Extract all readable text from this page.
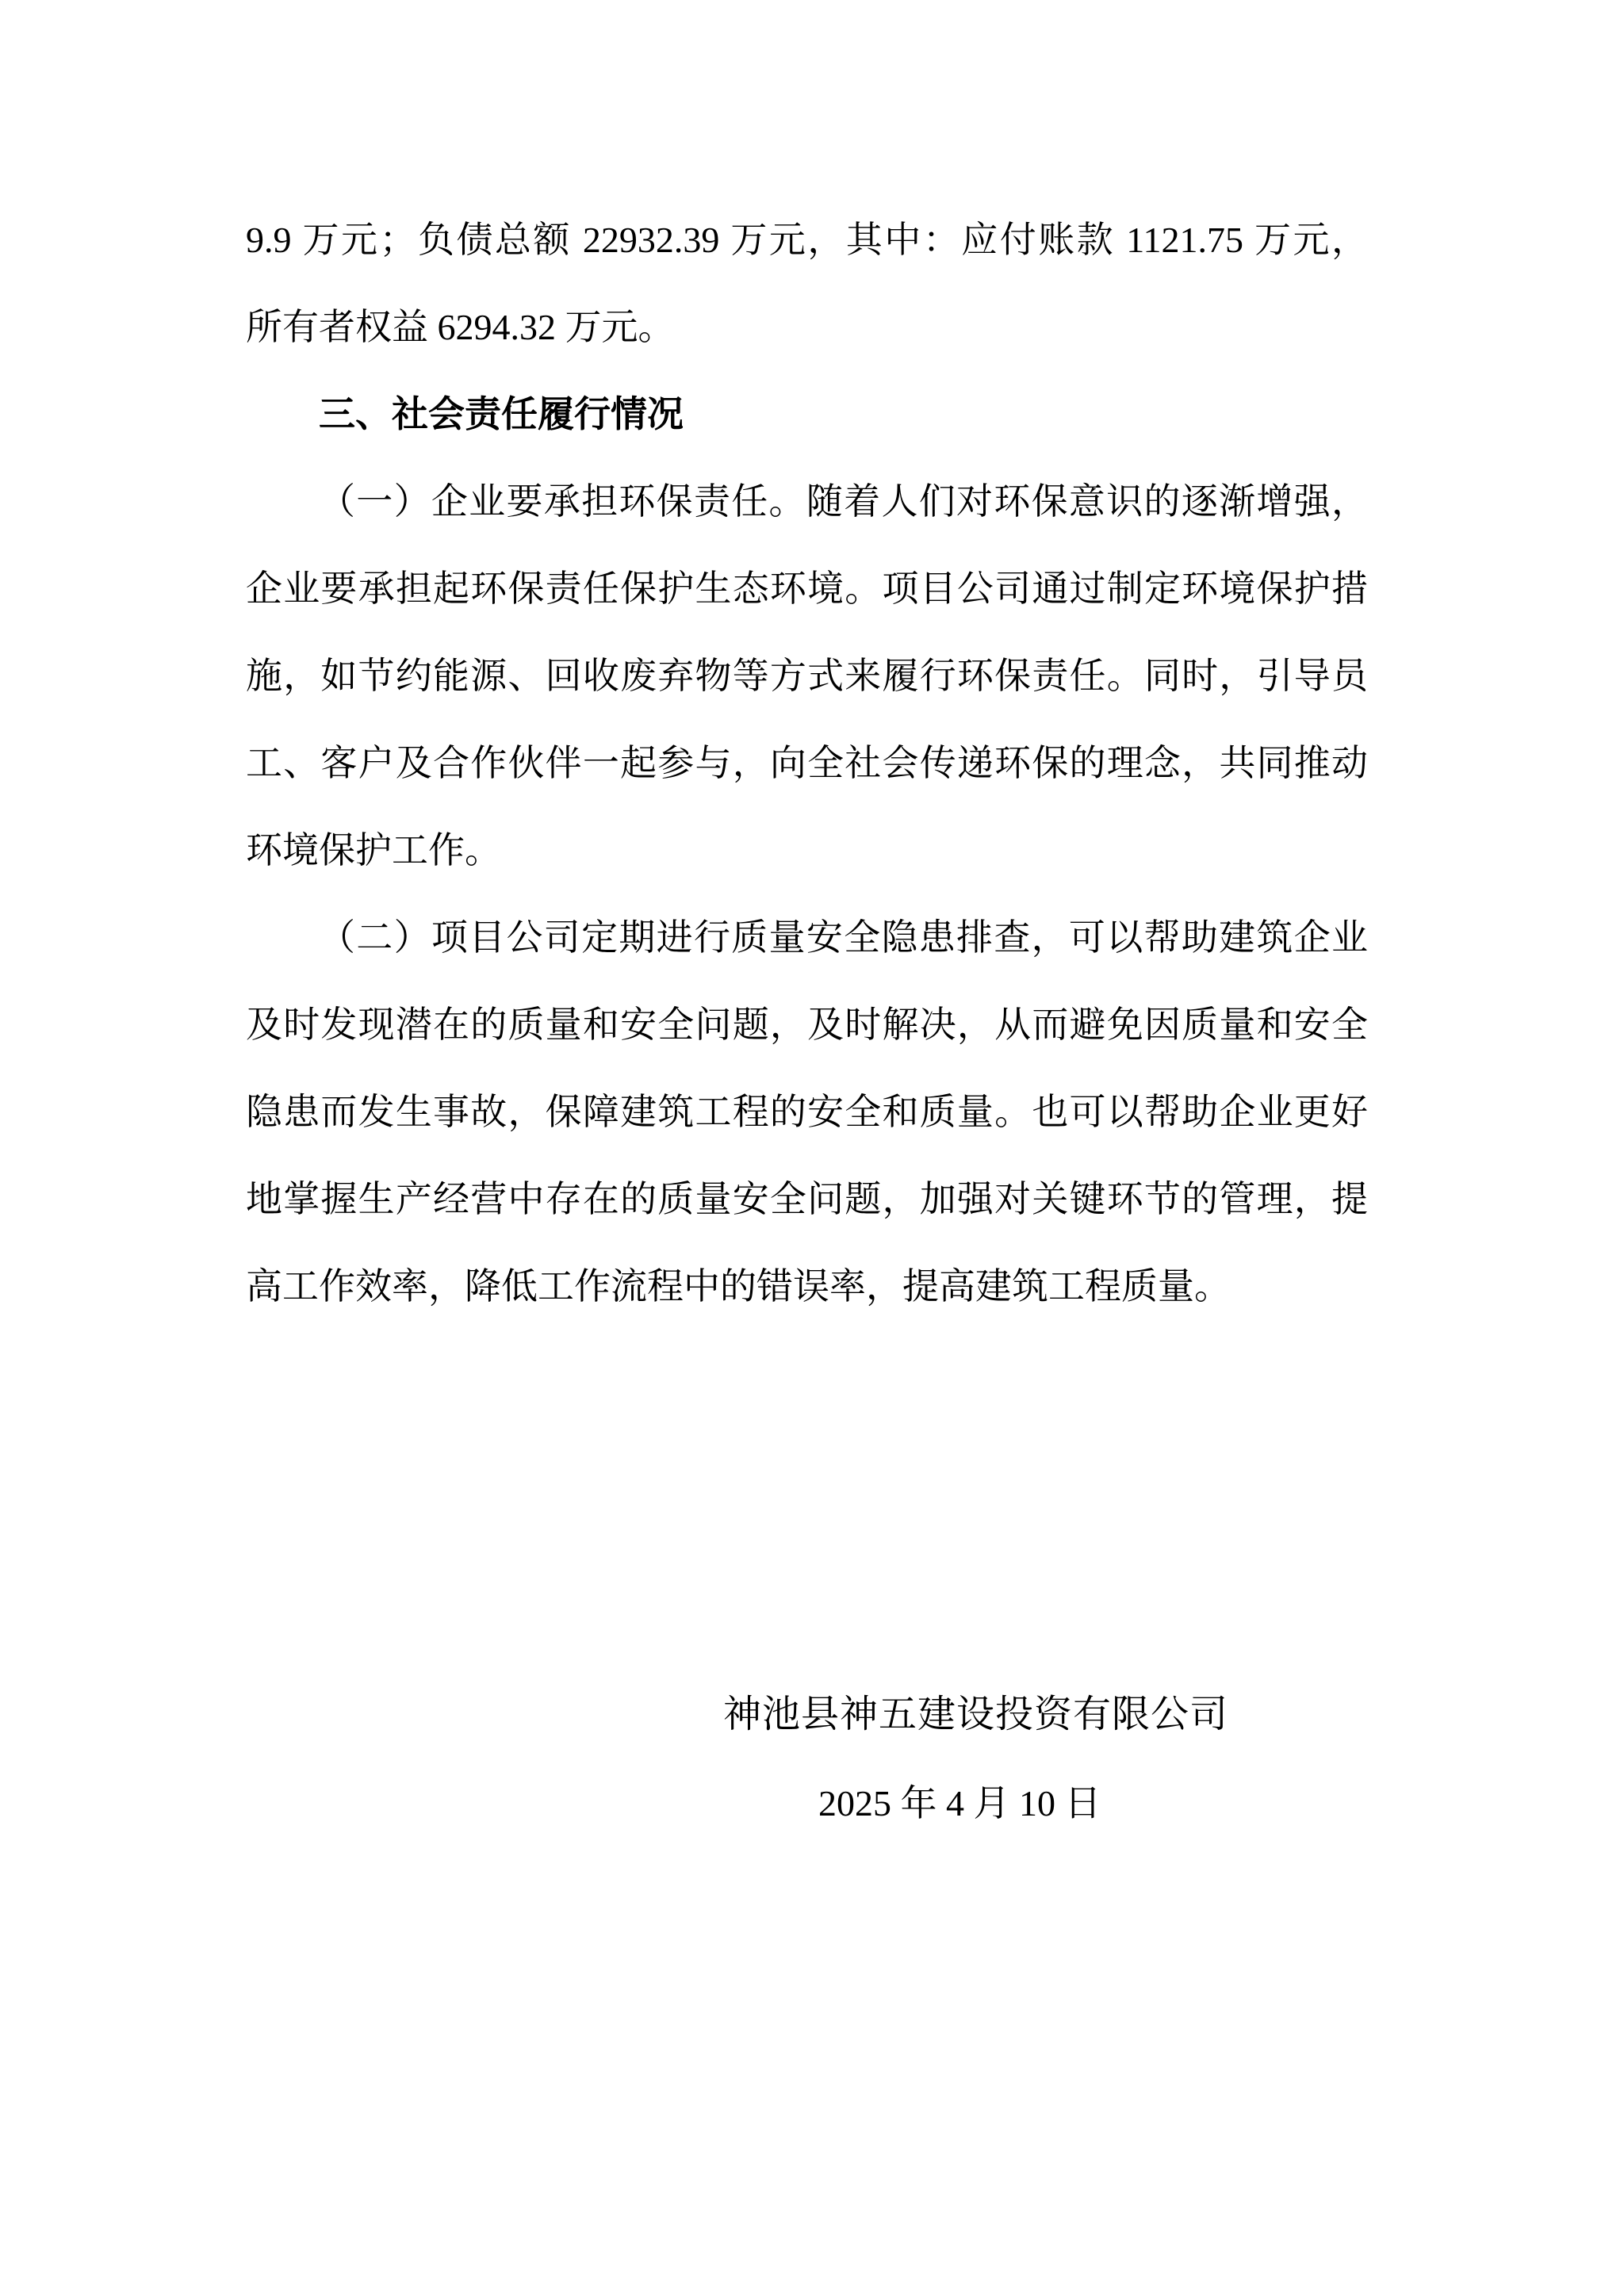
9.9 万元；负债总额 22932.39 万元，其中：应付账款 1121.75 万元，
所有者权益 6294.32 万元。
三、社会责任履行情况
（一）企业要承担环保责任。随着人们对环保意识的逐渐增强，
企业要承担起环保责任保护生态环境。项目公司通过制定环境保护措
施，如节约能源、回收废弃物等方式来履行环保责任。同时，引导员
工、客户及合作伙伴一起参与，向全社会传递环保的理念，共同推动
环境保护工作。
（二）项目公司定期进行质量安全隐患排查，可以帮助建筑企业
及时发现潜在的质量和安全问题，及时解决，从而避免因质量和安全
隐患而发生事故，保障建筑工程的安全和质量。也可以帮助企业更好
地掌握生产经营中存在的质量安全问题，加强对关键环节的管理，提
高工作效率，降低工作流程中的错误率，提高建筑工程质量。
神池县神五建设投资有限公司
2025 年 4 月 10 日
